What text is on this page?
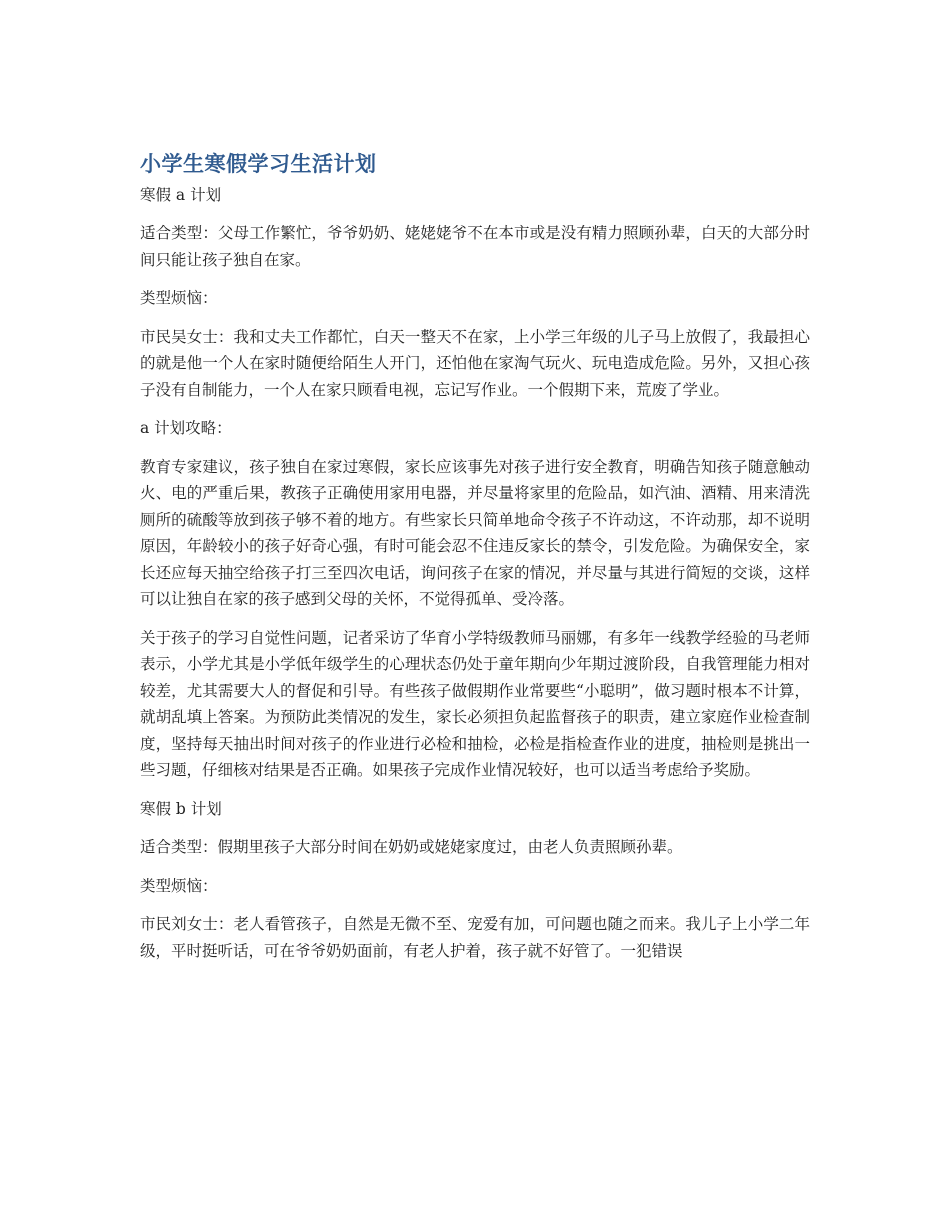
小学生寒假学习生活计划
寒假 a 计划

适合类型：父母工作繁忙，爷爷奶奶、姥姥姥爷不在本市或是没有精力照顾孙辈，白天的大部分时间只能让孩子独自在家。

类型烦恼：

市民吴女士：我和丈夫工作都忙，白天一整天不在家，上小学三年级的儿子马上放假了，我最担心的就是他一个人在家时随便给陌生人开门，还怕他在家淘气玩火、玩电造成危险。另外，又担心孩子没有自制能力，一个人在家只顾看电视，忘记写作业。一个假期下来，荒废了学业。

a 计划攻略：

教育专家建议，孩子独自在家过寒假，家长应该事先对孩子进行安全教育，明确告知孩子随意触动火、电的严重后果，教孩子正确使用家用电器，并尽量将家里的危险品，如汽油、酒精、用来清洗厕所的硫酸等放到孩子够不着的地方。有些家长只简单地命令孩子不许动这，不许动那，却不说明原因，年龄较小的孩子好奇心强，有时可能会忍不住违反家长的禁令，引发危险。为确保安全，家长还应每天抽空给孩子打三至四次电话，询问孩子在家的情况，并尽量与其进行简短的交谈，这样可以让独自在家的孩子感到父母的关怀，不觉得孤单、受冷落。

关于孩子的学习自觉性问题，记者采访了华育小学特级教师马丽娜，有多年一线教学经验的马老师表示，小学尤其是小学低年级学生的心理状态仍处于童年期向少年期过渡阶段，自我管理能力相对较差，尤其需要大人的督促和引导。有些孩子做假期作业常要些“小聪明”，做习题时根本不计算，就胡乱填上答案。为预防此类情况的发生，家长必须担负起监督孩子的职责，建立家庭作业检查制度，坚持每天抽出时间对孩子的作业进行必检和抽检，必检是指检查作业的进度，抽检则是挑出一些习题，仔细核对结果是否正确。如果孩子完成作业情况较好，也可以适当考虑给予奖励。

寒假 b 计划

适合类型：假期里孩子大部分时间在奶奶或姥姥家度过，由老人负责照顾孙辈。

类型烦恼：

市民刘女士：老人看管孩子，自然是无微不至、宠爱有加，可问题也随之而来。我儿子上小学二年级，平时挺听话，可在爷爷奶奶面前，有老人护着，孩子就不好管了。一犯错误
